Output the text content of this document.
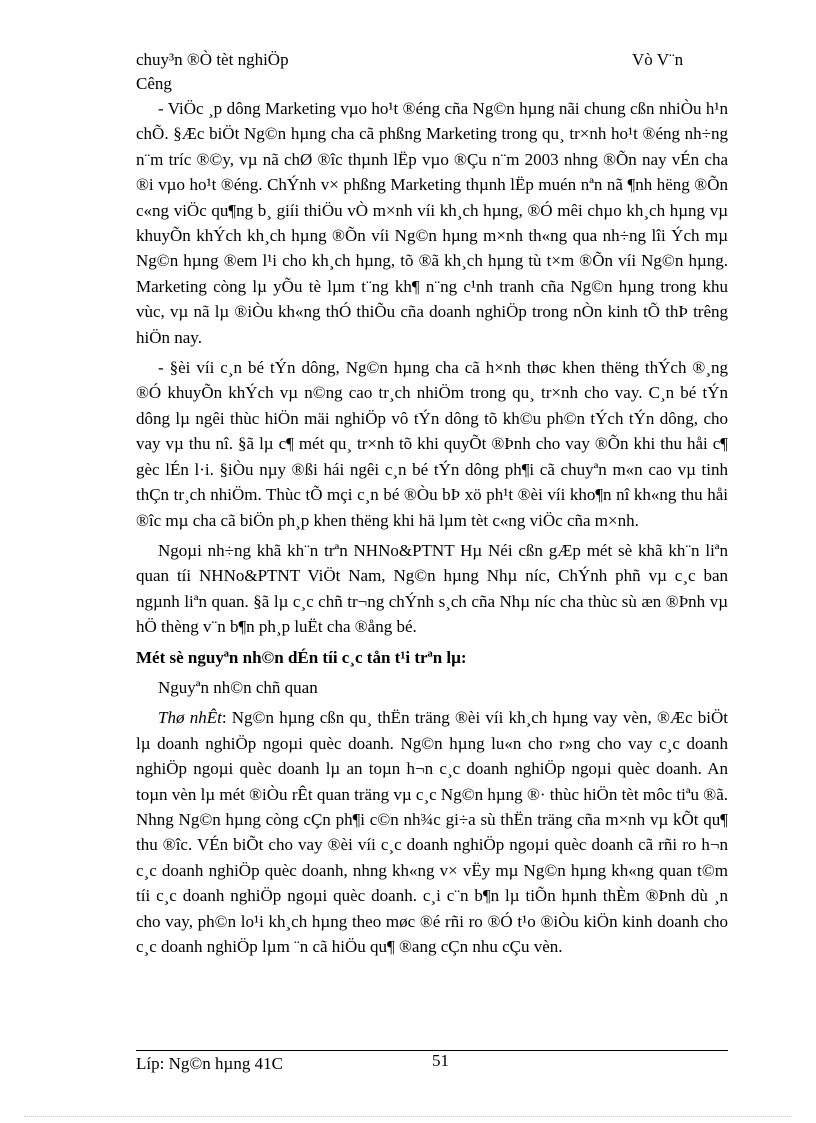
chuy³n ®Ò tèt nghiÖp	Vò V¨n
Cêng

- ViÖc ¸p dông Marketing vµo ho¹t ®éng cña Ng©n hµng nãi chung cßn nhiÒu h¹n chÕ. §Æc biÖt Ng©n hµng cha cã phßng Marketing trong qu¸ tr×nh ho¹t ®éng nh÷ng n¨m tríc ®©y, vµ nã chØ ®îc thµnh lËp vµo ®Çu n¨m 2003 nhng ®Õn nay vÉn cha ®i vµo ho¹t ®éng. ChÝnh v× phßng Marketing thµnh lËp muén nªn nã ¶nh hëng ®Õn c«ng viÖc qu¶ng b¸ giíi thiÖu vÒ m×nh víi kh¸ch hµng, ®Ó mêi chµo kh¸ch hµng vµ khuyÕn khÝch kh¸ch hµng ®Õn víi Ng©n hµng m×nh th«ng qua nh÷ng lîi Ých mµ Ng©n hµng ®em l¹i cho kh¸ch hµng, tõ ®ã kh¸ch hµng tù t×m ®Õn víi Ng©n hµng. Marketing còng lµ yÕu tè lµm t¨ng kh¶ n¨ng c¹nh tranh cña Ng©n hµng trong khu vùc, vµ nã lµ ®iÒu kh«ng thÓ thiÕu cña doanh nghiÖp trong nÒn kinh tÕ thÞ trêng hiÖn nay.

- §èi víi c¸n bé tÝn dông, Ng©n hµng cha cã h×nh thøc khen thëng thÝch ®¸ng ®Ó khuyÕn khÝch vµ n©ng cao tr¸ch nhiÖm trong qu¸ tr×nh cho vay. C¸n bé tÝn dông lµ ngêi thùc hiÖn mäi nghiÖp vô tÝn dông tõ kh©u ph©n tÝch tÝn dông, cho vay vµ thu nî. §ã lµ c¶ mét qu¸ tr×nh tõ khi quyÕt ®Þnh cho vay ®Õn khi thu håi c¶ gèc lÉn l·i. §iÒu nµy ®ßi hái ngêi c¸n bé tÝn dông ph¶i cã chuyªn m«n cao vµ tinh thÇn tr¸ch nhiÖm. Thùc tÕ mçi c¸n bé ®Òu bÞ xö ph¹t ®èi víi kho¶n nî kh«ng thu håi ®îc mµ cha cã biÖn ph¸p khen thëng khi hä lµm tèt c«ng viÖc cña m×nh.

Ngoµi nh÷ng khã kh¨n trªn NHNo&PTNT Hµ Néi cßn gÆp mét sè khã kh¨n liªn quan tíi NHNo&PTNT ViÖt Nam, Ng©n hµng Nhµ níc, ChÝnh phñ vµ c¸c ban ngµnh liªn quan. §ã lµ c¸c chñ tr¬ng chÝnh s¸ch cña Nhµ níc cha thùc sù æn ®Þnh vµ hÖ thèng v¨n b¶n ph¸p luËt cha ®ång bé.

Mét sè nguyªn nh©n dÉn tíi c¸c tån t¹i trªn lµ:

Nguyªn nh©n chñ quan

Thø nhÊt: Ng©n hµng cßn qu¸ thËn träng ®èi víi kh¸ch hµng vay vèn, ®Æc biÖt lµ doanh nghiÖp ngoµi quèc doanh. Ng©n hµng lu«n cho r»ng cho vay c¸c doanh nghiÖp ngoµi quèc doanh lµ an toµn h¬n c¸c doanh nghiÖp ngoµi quèc doanh. An toµn vèn lµ mét ®iÒu rÊt quan träng vµ c¸c Ng©n hµng ®· thùc hiÖn tèt môc tiªu ®ã. Nhng Ng©n hµng còng cÇn ph¶i c©n nh¾c gi÷a sù thËn träng cña m×nh vµ kÕt qu¶ thu ®îc. VÉn biÕt cho vay ®èi víi c¸c doanh nghiÖp ngoµi quèc doanh cã rñi ro h¬n c¸c doanh nghiÖp quèc doanh, nhng kh«ng v× vËy mµ Ng©n hµng kh«ng quan t©m tíi c¸c doanh nghiÖp ngoµi quèc doanh. c¸i c¨n b¶n lµ tiÕn hµnh thÈm ®Þnh dù ¸n cho vay, ph©n lo¹i kh¸ch hµng theo møc ®é rñi ro ®Ó t¹o ®iÒu kiÖn kinh doanh cho c¸c doanh nghiÖp lµm ¨n cã hiÖu qu¶ ®ang cÇn nhu cÇu vèn.

Líp: Ng©n hµng 41C	51
